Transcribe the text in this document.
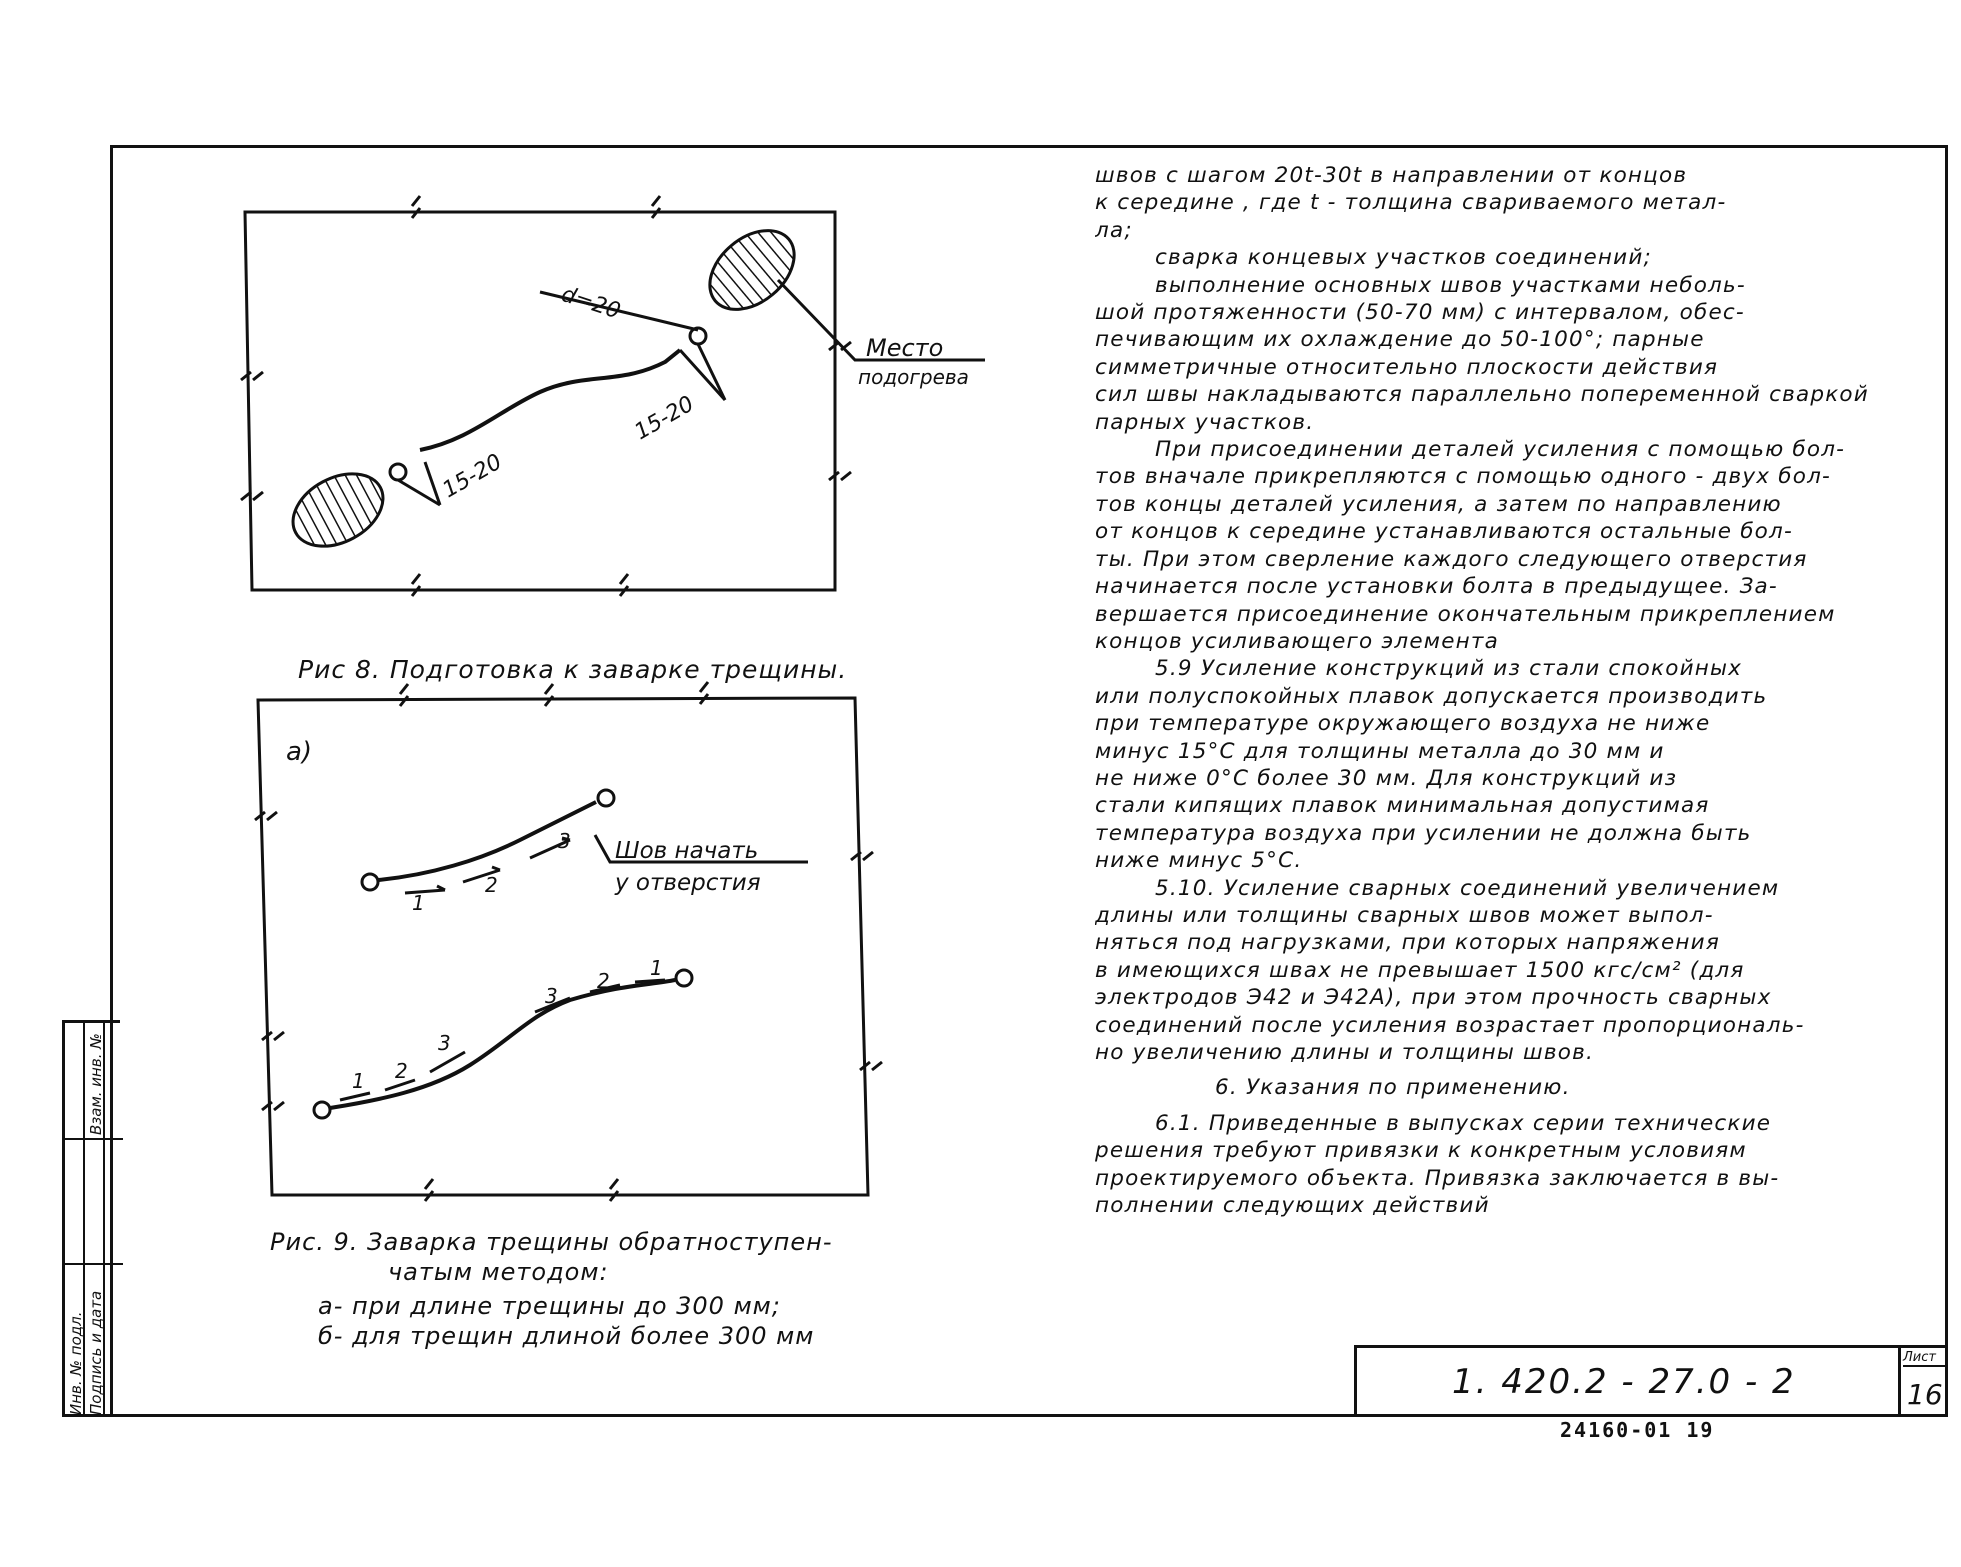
Инв. № подл. Подпись и дата
Взам. инв. №
d=20
15-20
15-20
Место
подогрева
а)
Шов начать
у отверстия
1
2
3
3
2
1
1 2
3
Рис 8. Подготовка к заварке трещины.
Рис. 9. Заварка трещины обратноступен-
чатым методом:
а- при длине трещины до 300 мм;
б- для трещин длиной более 300 мм
швов с шагом 20t-30t в направлении от концов
к середине , где t - толщина свариваемого метал-
ла;
сварка концевых участков соединений;
выполнение основных швов участками неболь-
шой протяженности (50-70 мм) с интервалом, обес-
печивающим их охлаждение до 50-100°; парные
симметричные относительно плоскости действия
сил швы накладываются параллельно попеременной сваркой
парных участков.
При присоединении деталей усиления с помощью бол-
тов вначале прикрепляются с помощью одного - двух бол-
тов концы деталей усиления, а затем по направлению
от концов к середине устанавливаются остальные бол-
ты. При этом сверление каждого следующего отверстия
начинается после установки болта в предыдущее. За-
вершается присоединение окончательным прикреплением
концов усиливающего элемента
5.9 Усиление конструкций из стали спокойных
или полуспокойных плавок допускается производить
при температуре окружающего воздуха не ниже
минус 15°С для толщины металла до 30 мм и
не ниже 0°С более 30 мм. Для конструкций из
стали кипящих плавок минимальная допустимая
температура воздуха при усилении не должна быть
ниже минус 5°С.
5.10. Усиление сварных соединений увеличением
длины или толщины сварных швов может выпол-
няться под нагрузками, при которых напряжения
в имеющихся швах не превышает 1500 кгс/см² (для
электродов Э42 и Э42А), при этом прочность сварных
соединений после усиления возрастает пропорциональ-
но увеличению длины и толщины швов.
6. Указания по применению.
6.1. Приведенные в выпусках серии технические
решения требуют привязки к конкретным условиям
проектируемого объекта. Привязка заключается в вы-
полнении следующих действий
1. 420.2 - 27.0 - 2
Лист
16
24160-01 19
